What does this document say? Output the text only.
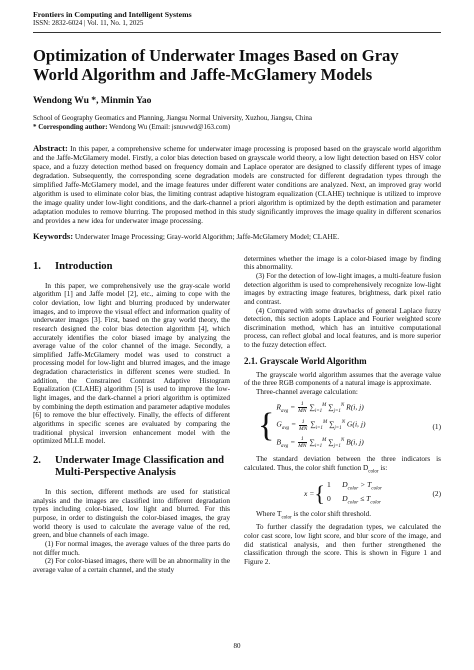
Frontiers in Computing and Intelligent Systems
ISSN: 2832-6024 | Vol. 11, No. 1, 2025
Optimization of Underwater Images Based on Gray World Algorithm and Jaffe-McGlamery Models
Wendong Wu *, Minmin Yao
School of Geography Geomatics and Planning, Jiangsu Normal University, Xuzhou, Jiangsu, China
* Corresponding author: Wendong Wu (Email: jsnuwwd@163.com)
Abstract: In this paper, a comprehensive scheme for underwater image processing is proposed based on the grayscale world algorithm and the Jaffe-McGlamery model. Firstly, a color bias detection based on grayscale world theory, a low light detection based on HSV color space, and a fuzzy detection method based on frequency domain and Laplace operator are designed to classify different types of image degradation. Subsequently, the corresponding scene degradation models are constructed for different degradation types through the simplified Jaffe-McGlamery model, and the image features under different water conditions are analyzed. Next, an improved gray world algorithm is used to eliminate color bias, the limiting contrast adaptive histogram equalization (CLAHE) technique is utilized to improve the image quality under low-light conditions, and the dark-channel a priori algorithm is optimized by the depth estimation and parameter adaptation modules to remove blurring. The proposed method in this study significantly improves the image quality in different scenarios and provides a new idea for underwater image processing.
Keywords: Underwater Image Processing; Gray-world Algorithm; Jaffe-McGlamery Model; CLAHE.
1.	Introduction

In this paper, we comprehensively use the gray-scale world algorithm [1] and Jaffe model [2], etc., aiming to cope with the color deviation, low light and blurring produced by underwater images, and to improve the visual effect and information quality of underwater images [3]. First, based on the gray world theory, the research designed the color bias detection algorithm [4], which accurately identifies the color biased image by analyzing the average value of the color channel of the image. Secondly, a simplified Jaffe-McGlamery model was used to construct a processing model for low-light and blurred images, and the image degradation characteristics in different scenes were studied. In addition, the Constrained Contrast Adaptive Histogram Equalization (CLAHE) algorithm [5] is used to improve the low-light images, and the dark-channel a priori algorithm is optimized by combining the depth estimation and parameter adaptive modules [6] to remove the blur effectively. Finally, the effects of different algorithms in specific scenes are evaluated by comparing the traditional physical inversion enhancement model with the optimized MLLE model.

2.	Underwater Image Classification and Multi-Perspective Analysis

In this section, different methods are used for statistical analysis and the images are classified into different degradation types including color-biased, low light and blurred. For this purpose, in order to distinguish the color-biased images, the gray world theory is used to calculate the average value of the red, green, and blue channels of each image.

(1) For normal images, the average values of the three parts do not differ much.

(2) For color-biased images, there will be an abnormality in the average value of a certain channel, and the study

determines whether the image is a color-biased image by finding this abnormality.

(3) For the detection of low-light images, a multi-feature fusion detection algorithm is used to comprehensively recognize low-light images by extracting image features, brightness, dark pixel ratio and contrast.

(4) Compared with some drawbacks of general Laplace fuzzy detection, this section adopts Laplace and Fourier weighted score discrimination method, which has an intuitive computational process, can reflect global and local features, and is more superior to the fuzzy detection effect.

2.1. Grayscale World Algorithm

The grayscale world algorithm assumes that the average value of the three RGB components of a natural image is approximate.

Three-channel average calculation:

{
$R_{avg} = \frac{1}{MN} \sum_{i=1}^M$ $\sum_{j=1}^N$ R(i, j)
$G_{avg} = \frac{1}{MN} \sum_{i=1}^M$ $\sum_{j=1}^N$ G(i, j)
$B_{avg} = \frac{1}{MN} \sum_{i=1}^M$ $\sum_{j=1}^N$ B(i, j)
(1)

The standard deviation between the three indicators is calculated. Thus, the color shift function $D_{color}$ is:

x = { 1 $D_{color} > T_{color}$
0 $D_{color} \le T_{color}$
(2)

Where $T_{color}$ is the color shift threshold.

To further classify the degradation types, we calculated the color cast score, low light score, and blur score of the image, and did statistical analysis, and then further strengthened the classification through the score. This is shown in Figure 1 and Figure 2.

80
